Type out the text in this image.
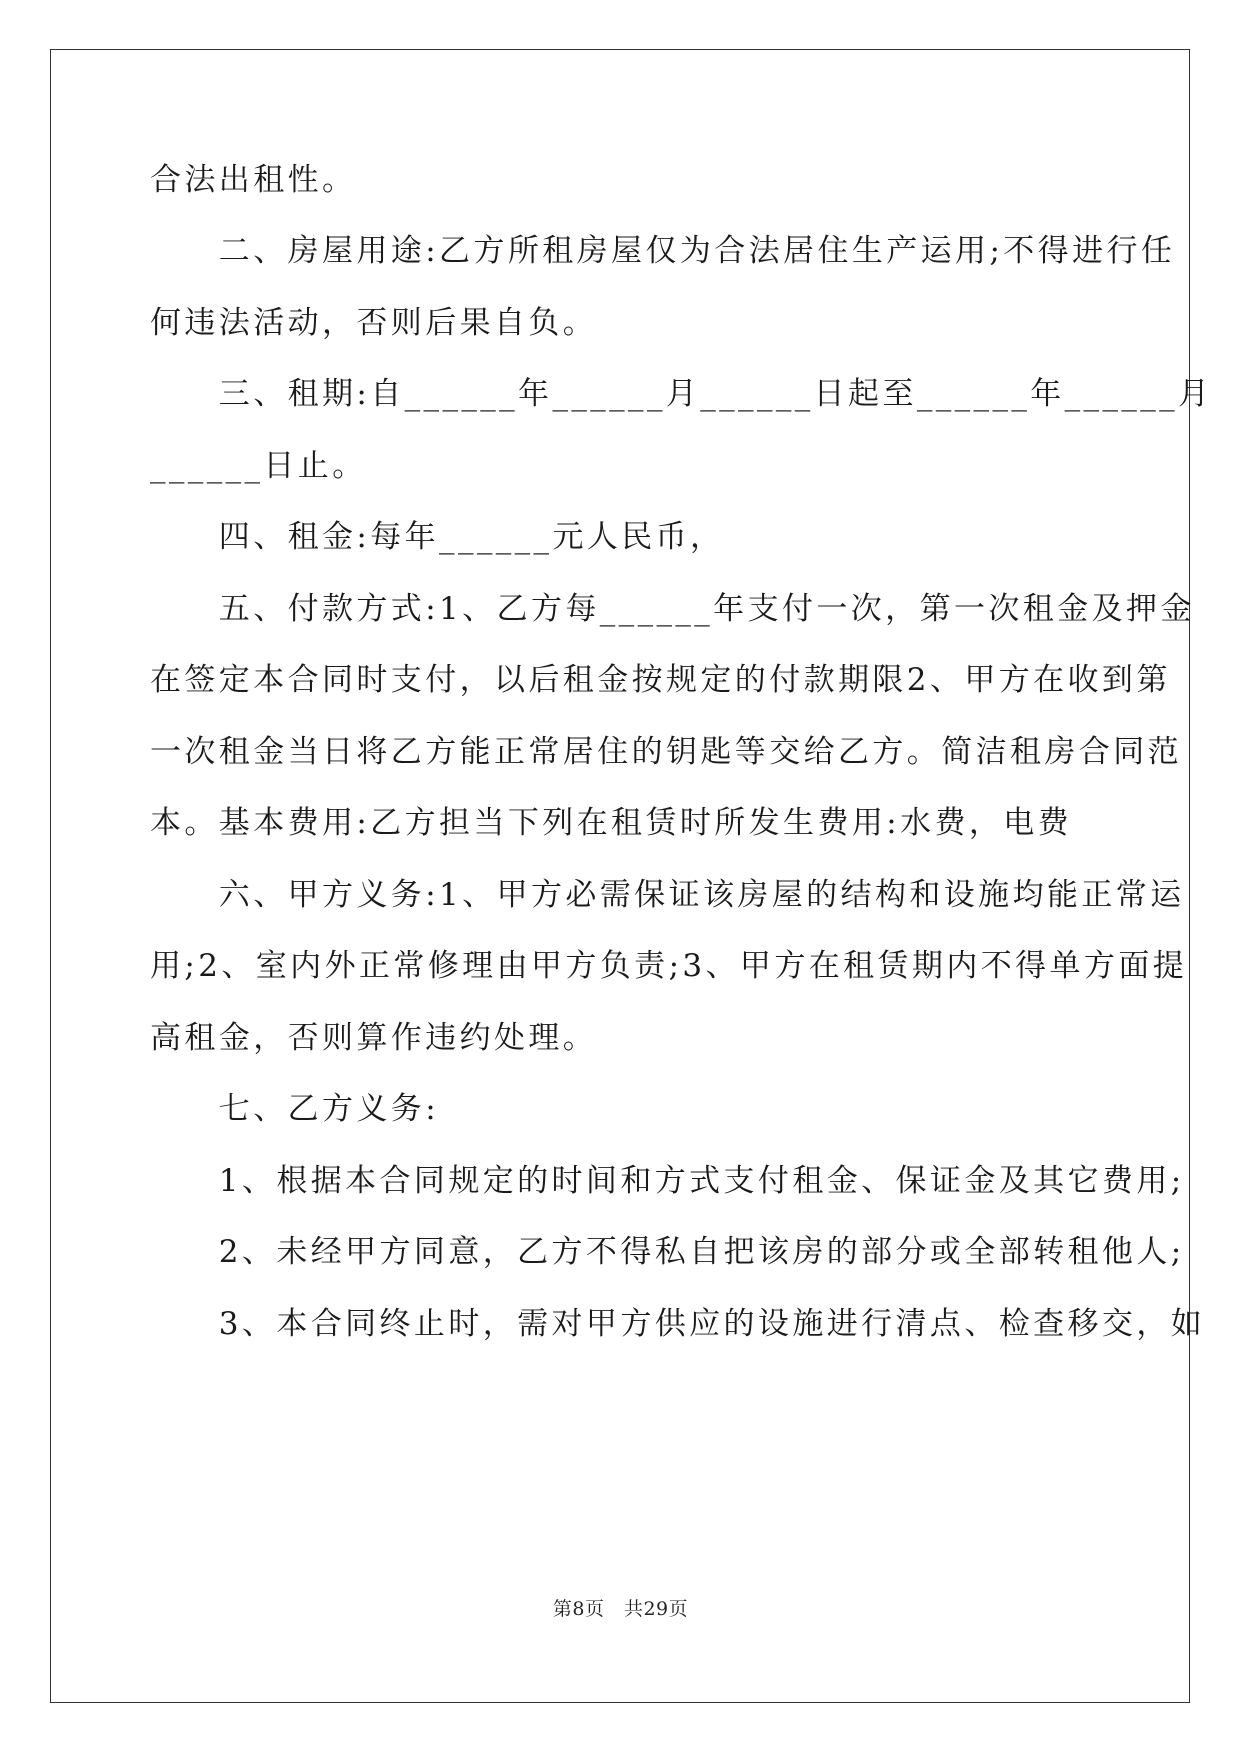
合法出租性。
　　二、房屋用途:乙方所租房屋仅为合法居住生产运用;不得进行任
何违法活动，否则后果自负。
　　三、租期:自______年______月______日起至______年______月
______日止。
　　四、租金:每年______元人民币，
　　五、付款方式:1、乙方每______年支付一次，第一次租金及押金
在签定本合同时支付，以后租金按规定的付款期限2、甲方在收到第
一次租金当日将乙方能正常居住的钥匙等交给乙方。简洁租房合同范
本。基本费用:乙方担当下列在租赁时所发生费用:水费，电费
　　六、甲方义务:1、甲方必需保证该房屋的结构和设施均能正常运
用;2、室内外正常修理由甲方负责;3、甲方在租赁期内不得单方面提
高租金，否则算作违约处理。
　　七、乙方义务:
　　1、根据本合同规定的时间和方式支付租金、保证金及其它费用;
　　2、未经甲方同意，乙方不得私自把该房的部分或全部转租他人;
　　3、本合同终止时，需对甲方供应的设施进行清点、检查移交，如
第8页　共29页
